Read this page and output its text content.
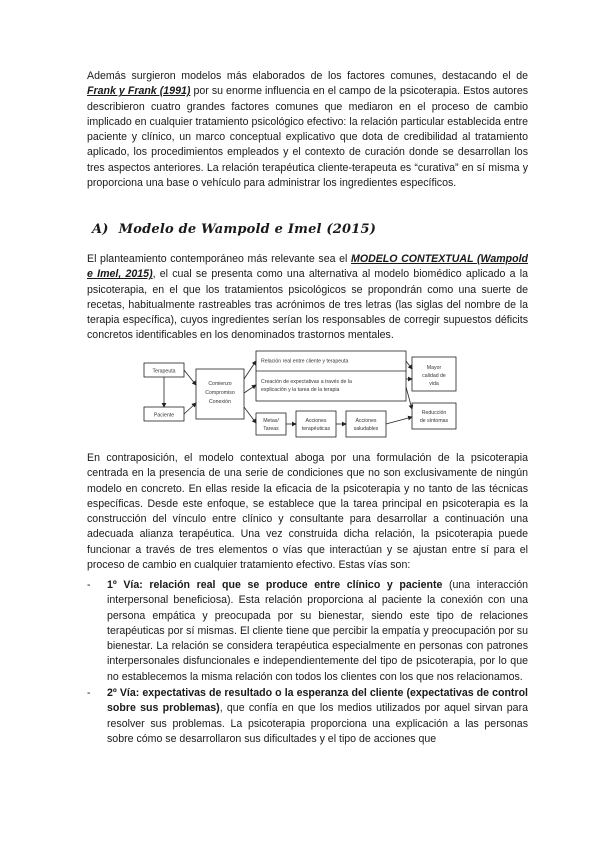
Además surgieron modelos más elaborados de los factores comunes, destacando el de Frank y Frank (1991) por su enorme influencia en el campo de la psicoterapia. Estos autores describieron cuatro grandes factores comunes que mediaron en el proceso de cambio implicado en cualquier tratamiento psicológico efectivo: la relación particular establecida entre paciente y clínico, un marco conceptual explicativo que dota de credibilidad al tratamiento aplicado, los procedimientos empleados y el contexto de curación donde se desarrollan los tres aspectos anteriores. La relación terapéutica cliente-terapeuta es “curativa” en sí misma y proporciona una base o vehículo para administrar los ingredientes específicos.

A) Modelo de Wampold e Imel (2015)

El planteamiento contemporáneo más relevante sea el MODELO CONTEXTUAL (Wampold e Imel, 2015), el cual se presenta como una alternativa al modelo biomédico aplicado a la psicoterapia, en el que los tratamientos psicológicos se propondrán como una suerte de recetas, habitualmente rastreables tras acrónimos de tres letras (las siglas del nombre de la terapia específica), cuyos ingredientes serían los responsables de corregir supuestos déficits concretos identificables en los denominados trastornos mentales.

Terapeuta
Paciente
Comienzo
Compromiso
Conexión
Relación real entre cliente y terapeuta
Creación de expectativas a través de la
explicación y la tarea de la terapia
Mayor
calidad de
vida
Reducción
de síntomas
Metas/
Tareas
Acciones
terapéuticas
Acciones
saludables

En contraposición, el modelo contextual aboga por una formulación de la psicoterapia centrada en la presencia de una serie de condiciones que no son exclusivamente de ningún modelo en concreto. En ellas reside la eficacia de la psicoterapia y no tanto de las técnicas específicas. Desde este enfoque, se establece que la tarea principal en psicoterapia es la construcción del vínculo entre clínico y consultante para desarrollar a continuación una adecuada alianza terapéutica. Una vez construida dicha relación, la psicoterapia puede funcionar a través de tres elementos o vías que interactúan y se ajustan entre sí para el proceso de cambio en cualquier tratamiento efectivo. Estas vías son:

- 1º Vía: relación real que se produce entre clínico y paciente (una interacción interpersonal beneficiosa). Esta relación proporciona al paciente la conexión con una persona empática y preocupada por su bienestar, siendo este tipo de relaciones terapéuticas por sí mismas. El cliente tiene que percibir la empatía y preocupación por su bienestar. La relación se considera terapéutica especialmente en personas con patrones interpersonales disfuncionales e independientemente del tipo de psicoterapia, por lo que no establecemos la misma relación con todos los clientes con los que nos relacionamos.
- 2º Vía: expectativas de resultado o la esperanza del cliente (expectativas de control sobre sus problemas), que confía en que los medios utilizados por aquel sirvan para resolver sus problemas. La psicoterapia proporciona una explicación a las personas sobre cómo se desarrollaron sus dificultades y el tipo de acciones que
